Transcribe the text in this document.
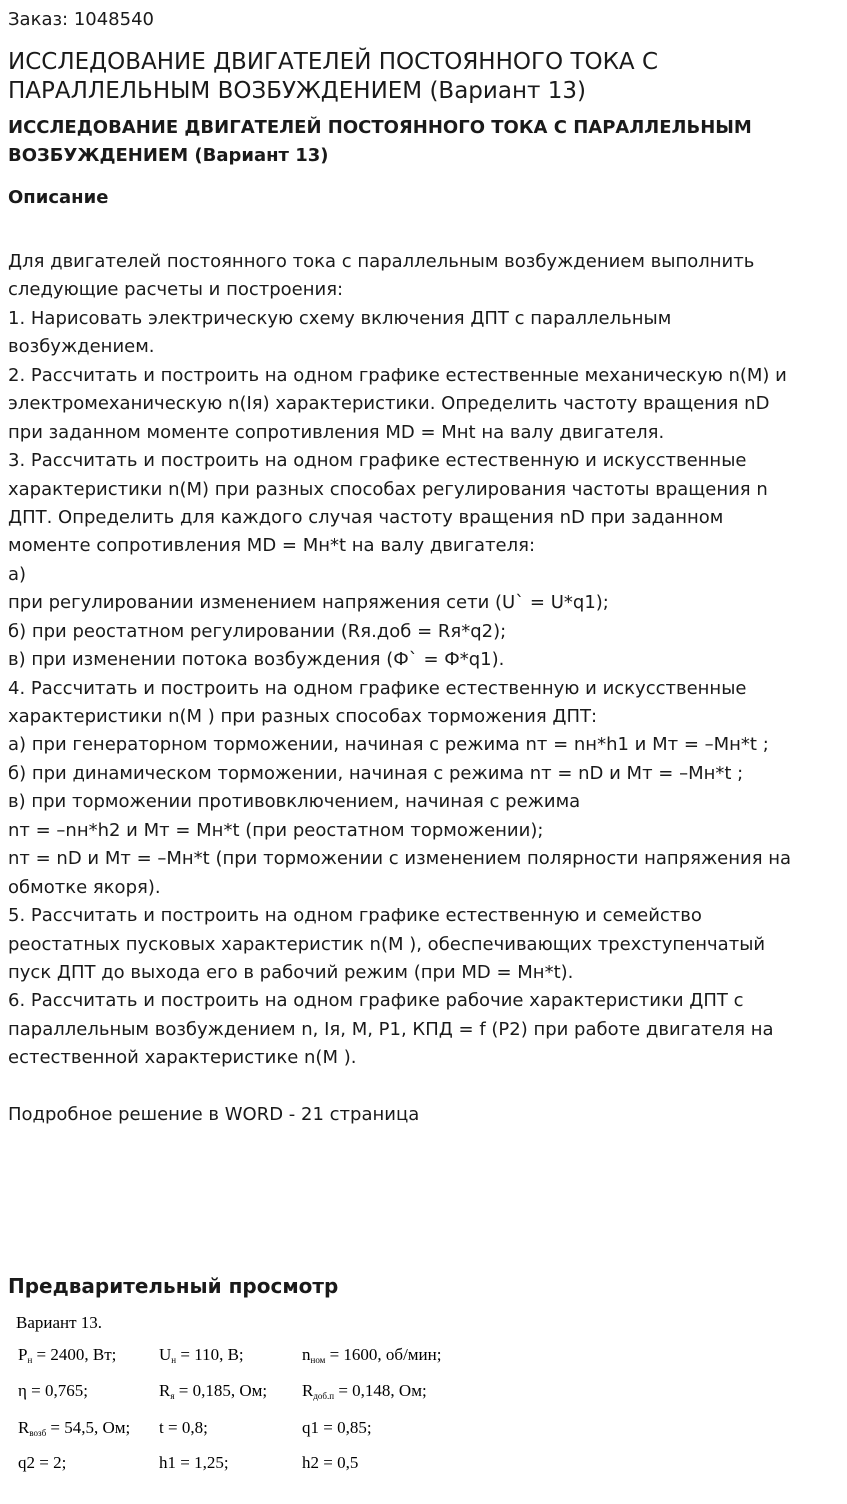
Заказ: 1048540
ИССЛЕДОВАНИЕ ДВИГАТЕЛЕЙ ПОСТОЯННОГО ТОКА С ПАРАЛЛЕЛЬНЫМ ВОЗБУЖДЕНИЕМ (Вариант 13)
ИССЛЕДОВАНИЕ ДВИГАТЕЛЕЙ ПОСТОЯННОГО ТОКА С ПАРАЛЛЕЛЬНЫМ ВОЗБУЖДЕНИЕМ (Вариант 13)
Описание
Для двигателей постоянного тока с параллельным возбуждением выполнить
следующие расчеты и построения:
1. Нарисовать электрическую схему включения ДПТ с параллельным
возбуждением.
2. Рассчитать и построить на одном графике естественные механическую n(M) и
электромеханическую n(Iя) характеристики. Определить частоту вращения nD
при заданном моменте сопротивления MD = Mнt на валу двигателя.
3. Рассчитать и построить на одном графике естественную и искусственные
характеристики n(M) при разных способах регулирования частоты вращения n
ДПТ. Определить для каждого случая частоту вращения nD при заданном
моменте сопротивления MD = Mн*t на валу двигателя:
а)
при регулировании изменением напряжения сети (U` = U*q1);
б) при реостатном регулировании (Rя.доб = Rя*q2);
в) при изменении потока возбуждения (Ф` = Ф*q1).
4. Рассчитать и построить на одном графике естественную и искусственные
характеристики n(M ) при разных способах торможения ДПТ:
а) при генераторном торможении, начиная с режима nт = nн*h1 и Mт = –Mн*t ;
б) при динамическом торможении, начиная с режима nт = nD и Mт = –Mн*t ;
в) при торможении противовключением, начиная с режима
nт = –nн*h2 и Mт = Mн*t (при реостатном торможении);
nт = nD и Mт = –Mн*t (при торможении с изменением полярности напряжения на
обмотке якоря).
5. Рассчитать и построить на одном графике естественную и семейство
реостатных пусковых характеристик n(M ), обеспечивающих трехступенчатый
пуск ДПТ до выхода его в рабочий режим (при MD = Mн*t).
6. Рассчитать и построить на одном графике рабочие характеристики ДПТ с
параллельным возбуждением n, Iя, M, P1, КПД = f (P2) при работе двигателя на
естественной характеристике n(M ).
Подробное решение в WORD - 21 страница
Предварительный просмотр
Вариант 13.
$P_н = 2400$, Вт;	$U_н = 110$, В;	$n_{ном} = 1600$, об/мин;
η = 0,765;	$R_я = 0,185$, Ом; $R_{доб.п} = 0,148$, Ом;
$R_{возб} = 54,5$, Ом; t = 0,8;	q1 = 0,85;
q2 = 2;	h1 = 1,25;	h2 = 0,5
